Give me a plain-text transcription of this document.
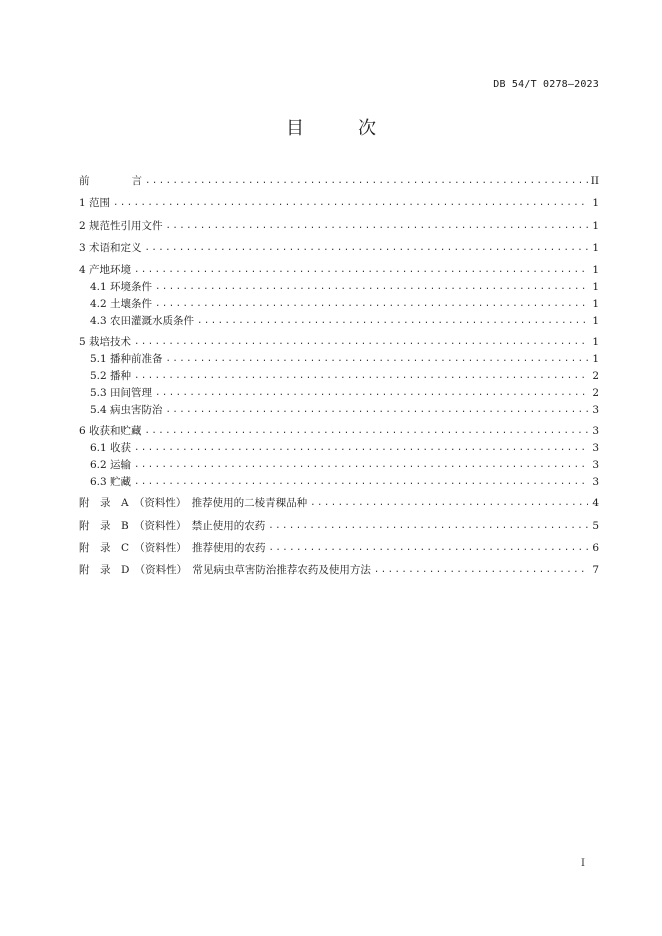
DB 54/T 0278—2023
目　　　次
前　　　　言 .....	II
1 范围 .....	1
2 规范性引用文件 .....	1
3 术语和定义 .....	1
4 产地环境 .....	1
4.1 环境条件 .....	1
4.2 土壤条件 .....	1
4.3 农田灌溉水质条件 .....	1
5 栽培技术 .....	1
5.1 播种前准备 .....	1
5.2 播种 .....	2
5.3 田间管理 .....	2
5.4 病虫害防治 .....	3
6 收获和贮藏 .....	3
6.1 收获 .....	3
6.2 运输 .....	3
6.3 贮藏 .....	3
附　录　A　（资料性）　推荐使用的二棱青稞品种 .....	4
附　录　B　（资料性）　禁止使用的农药 .....	5
附　录　C　（资料性）　推荐使用的农药 .....	6
附　录　D　（资料性）　常见病虫草害防治推荐农药及使用方法 .....	7
I
